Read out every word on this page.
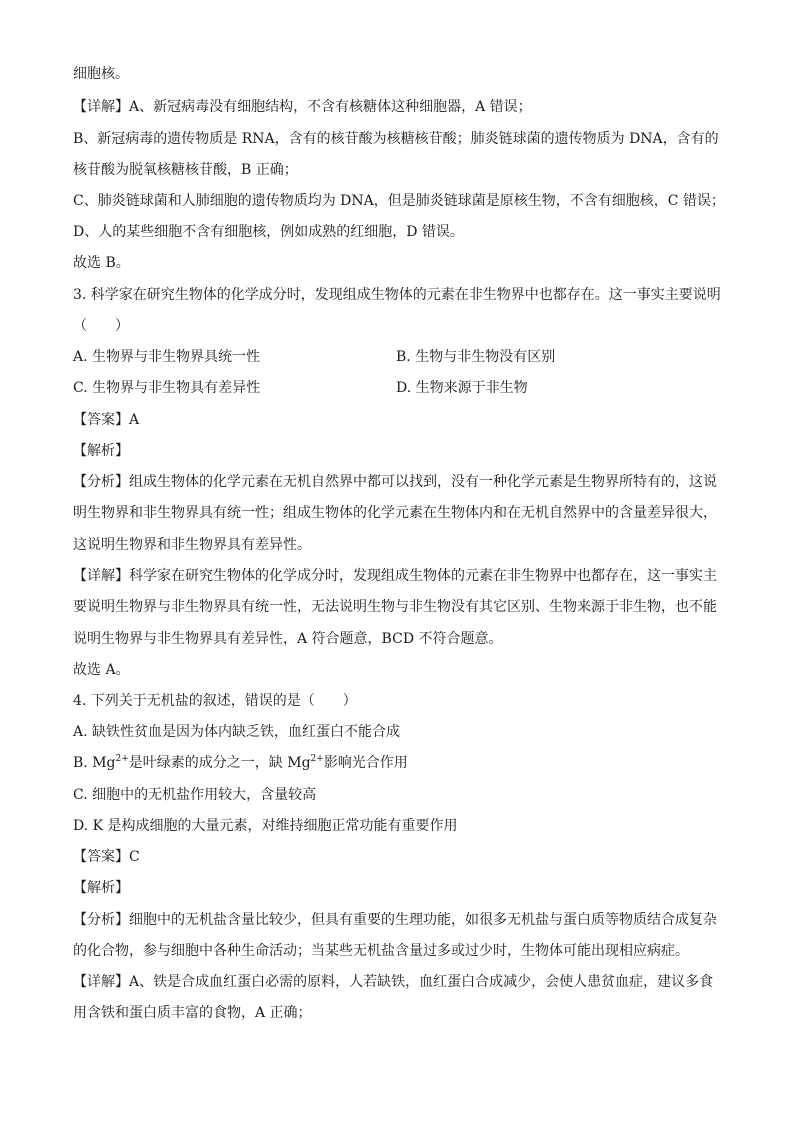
细胞核。
【详解】A、新冠病毒没有细胞结构，不含有核糖体这种细胞器，A 错误；
B、新冠病毒的遗传物质是 RNA，含有的核苷酸为核糖核苷酸；肺炎链球菌的遗传物质为 DNA，含有的
核苷酸为脱氧核糖核苷酸，B 正确；
C、肺炎链球菌和人肺细胞的遗传物质均为 DNA，但是肺炎链球菌是原核生物，不含有细胞核，C 错误；
D、人的某些细胞不含有细胞核，例如成熟的红细胞，D 错误。
故选 B。
3. 科学家在研究生物体的化学成分时，发现组成生物体的元素在非生物界中也都存在。这一事实主要说明
（　　）
A. 生物界与非生物界具统一性	B. 生物与非生物没有区别
C. 生物界与非生物具有差异性	D. 生物来源于非生物
【答案】A
【解析】
【分析】组成生物体的化学元素在无机自然界中都可以找到，没有一种化学元素是生物界所特有的，这说
明生物界和非生物界具有统一性；组成生物体的化学元素在生物体内和在无机自然界中的含量差异很大，
这说明生物界和非生物界具有差异性。
【详解】科学家在研究生物体的化学成分时，发现组成生物体的元素在非生物界中也都存在，这一事实主
要说明生物界与非生物界具有统一性，无法说明生物与非生物没有其它区别、生物来源于非生物，也不能
说明生物界与非生物界具有差异性，A 符合题意，BCD 不符合题意。
故选 A。
4. 下列关于无机盐的叙述，错误的是（　　）
A. 缺铁性贫血是因为体内缺乏铁，血红蛋白不能合成
B. $Mg^{2+}$是叶绿素的成分之一，缺 $Mg^{2+}$影响光合作用
C. 细胞中的无机盐作用较大，含量较高
D. K 是构成细胞的大量元素，对维持细胞正常功能有重要作用
【答案】C
【解析】
【分析】细胞中的无机盐含量比较少，但具有重要的生理功能，如很多无机盐与蛋白质等物质结合成复杂
的化合物，参与细胞中各种生命活动；当某些无机盐含量过多或过少时，生物体可能出现相应病症。
【详解】A、铁是合成血红蛋白必需的原料，人若缺铁，血红蛋白合成减少，会使人患贫血症，建议多食
用含铁和蛋白质丰富的食物，A 正确；
